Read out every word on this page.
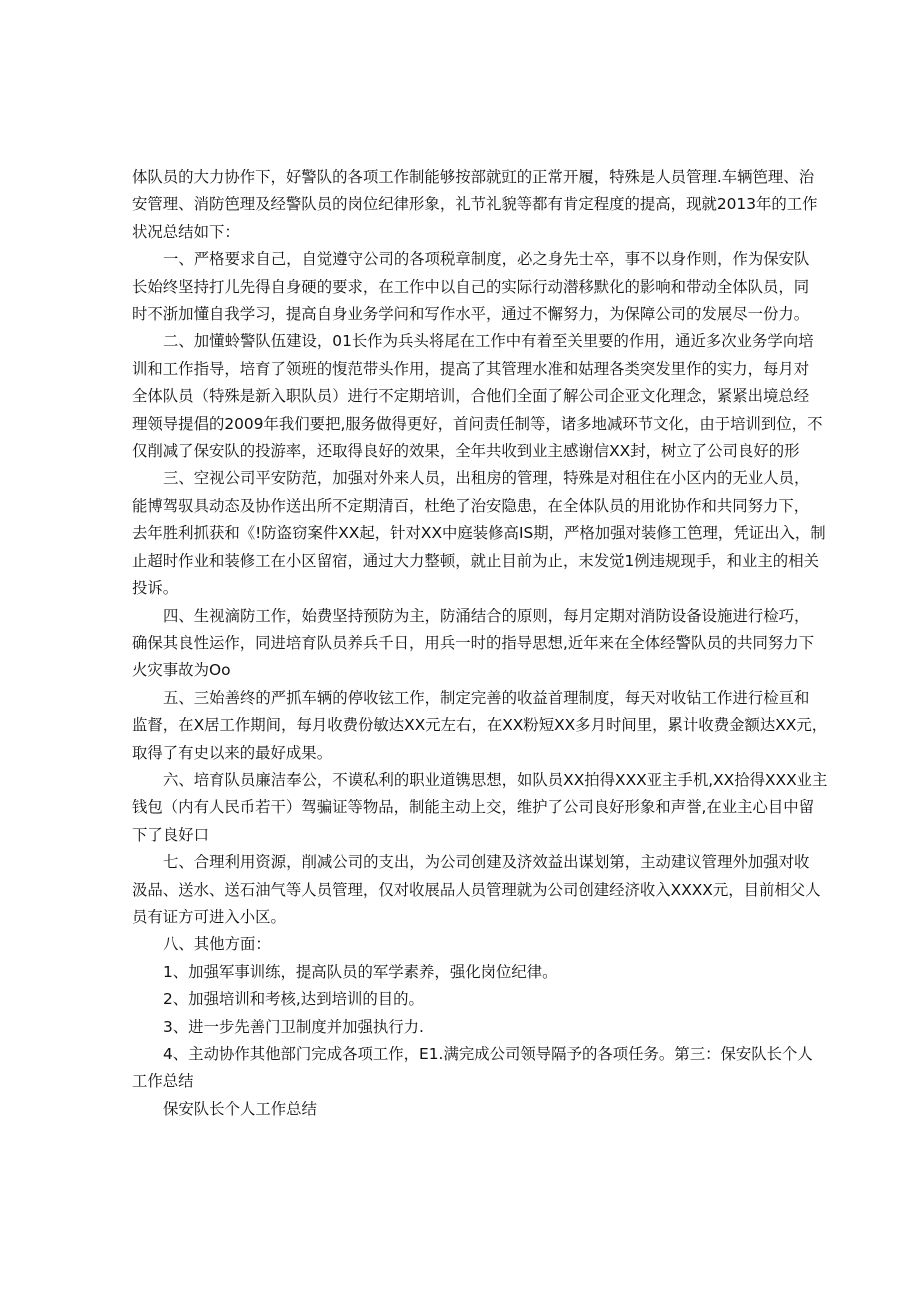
体队员的大力协作下，好警队的各项工作制能够按部就豇的正常开履，特殊是人员管理.车辆笆理、治
安管理、消防笆理及经警队员的岗位纪律形象，礼节礼貌等都有肯定程度的提高，现就2013年的工作
状况总结如下：
一、严格要求自己，自觉遵守公司的各项税章制度，必之身先士卒，事不以身作则，作为保安队
长始终坚持打儿先得自身硬的要求，在工作中以自己的实际行动潜移默化的影响和带动全体队员，同
时不浙加懂自我学习，提高自身业务学问和写作水平，通过不懈努力，为保障公司的发展尽一份力。
二、加懂蛉警队伍建设，01长作为兵头将尾在工作中有着至关里要的作用，通近多次业务学向培
训和工作指导，培育了领班的愎范带头作用，提高了其管理水准和姑理各类突发里作的实力，每月对
全体队员（特殊是新入职队员）进行不定期培训，合他们全面了解公司企亚文化理念，紧紧出境总经
理领导提倡的2009年我们要把,服务做得更好，首问责任制等，诸多地减环节文化，由于培训到位，不
仅削减了保安队的投游率，还取得良好的效果，全年共收到业主感谢信XX封，树立了公司良好的形
三、空视公司平安防范，加强对外来人员，出租房的管理，特殊是对租住在小区内的无业人员，
能博驾驭具动态及协作送出所不定期清百，杜绝了治安隐患，在全体队员的用讹协作和共同努力下，
去年胜利抓获和《!防盗窃案件XX起，针对XX中庭装修高IS期，严格加强对装修工笆理，凭证出入，制
止超时作业和装修工在小区留宿，通过大力整顿，就止目前为止，末发觉1例违规现手，和业主的相关
投诉。
四、生视滴防工作，始费坚持预防为主，防涌结合的原则，每月定期对消防设备设施进行检巧，
确保其良性运作，同进培育队员养兵千日，用兵一时的指导思想,近年来在全体经警队员的共同努力下
火灾事故为Oo
五、三始善终的严抓车辆的停收铉工作，制定完善的收益首理制度，每天对收钻工作进行检亘和
监督，在X居工作期间，每月收费份敏达XX元左右，在XX粉短XX多月时间里，累计收费金额达XX元，
取得了有史以来的最好成果。
六、培育队员廉洁奉公，不谟私利的职业道镌思想，如队员XX拍得XXX亚主手机,XX拾得XXX业主
钱包（内有人民币若干）驾骗证等物品，制能主动上交，维护了公司良好形象和声誉,在业主心目中留
下了良好口
七、合理利用资源，削减公司的支出，为公司创建及济效益出谋划第，主动建议管理外加强对收
汲品、送水、送石油气等人员管理，仅对收展品人员管理就为公司创建经济收入XXXX元，目前相父人
员有证方可进入小区。
八、其他方面：
1、加强军事训练，提高队员的军学素养，强化岗位纪律。
2、加强培训和考核,达到培训的目的。
3、进一步先善门卫制度并加强执行力.
4、主动协作其他部门完成各项工作，E1.满完成公司领导隔予的各项任务。第三：保安队长个人
工作总结
保安队长个人工作总结
